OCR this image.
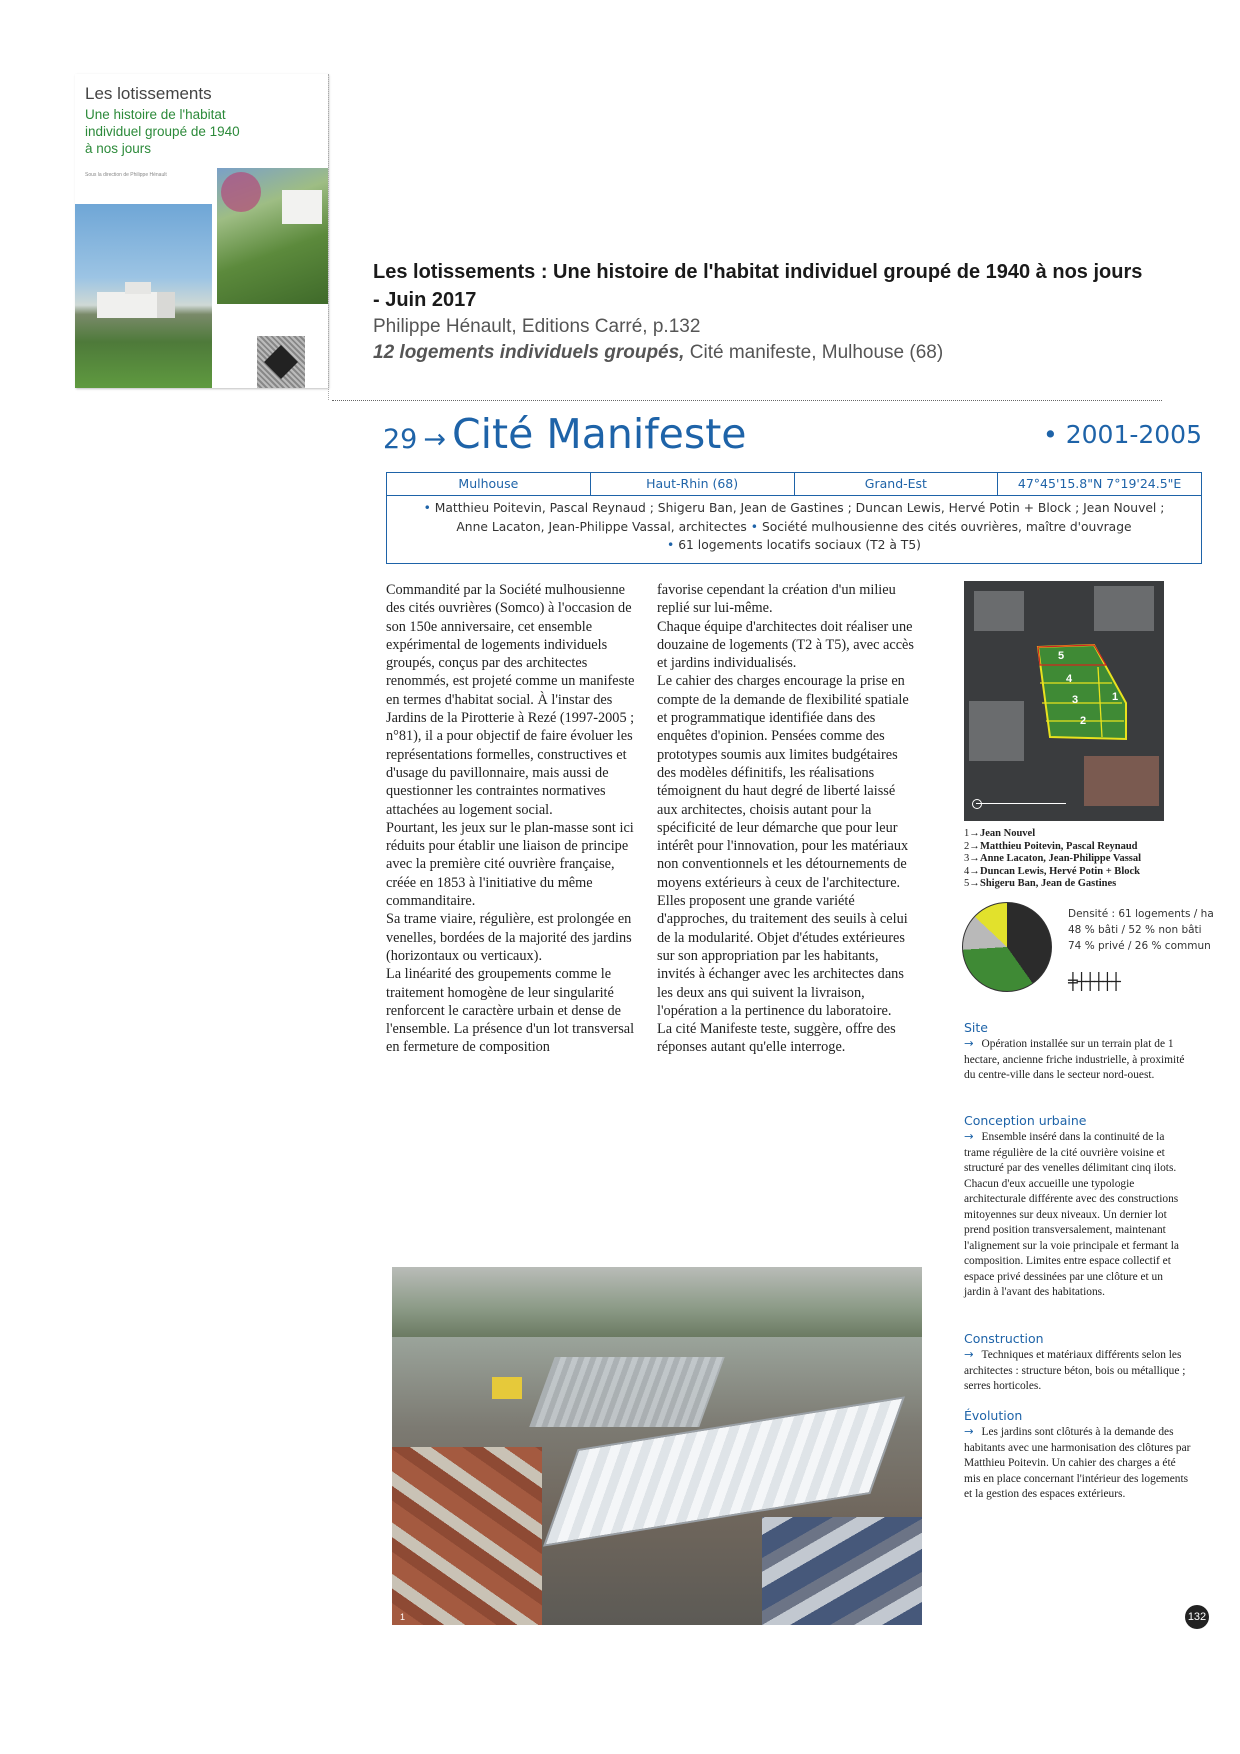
Les lotissements
Une histoire de l'habitat individuel groupé de 1940 à nos jours
Sous la direction de Philippe Hénault
Les lotissements : Une histoire de l'habitat individuel groupé de 1940 à nos jours - Juin 2017
Philippe Hénault, Editions Carré, p.132
12 logements individuels groupés, Cité manifeste, Mulhouse (68)
29 → Cité Manifeste	• 2001-2005
Mulhouse	Haut-Rhin (68)	Grand-Est	47°45'15.8"N 7°19'24.5"E
• Matthieu Poitevin, Pascal Reynaud ; Shigeru Ban, Jean de Gastines ; Duncan Lewis, Hervé Potin + Block ; Jean Nouvel ;
Anne Lacaton, Jean-Philippe Vassal, architectes • Société mulhousienne des cités ouvrières, maître d'ouvrage
• 61 logements locatifs sociaux (T2 à T5)

Commandité par la Société mulhousienne des cités ouvrières (Somco) à l'occasion de son 150e anniversaire, cet ensemble expérimental de logements individuels groupés, conçus par des architectes renommés, est projeté comme un manifeste en termes d'habitat social. À l'instar des Jardins de la Pirotterie à Rezé (1997-2005 ; n°81), il a pour objectif de faire évoluer les représentations formelles, constructives et d'usage du pavillonnaire, mais aussi de questionner les contraintes normatives attachées au logement social.

Pourtant, les jeux sur le plan-masse sont ici réduits pour établir une liaison de principe avec la première cité ouvrière française, créée en 1853 à l'initiative du même commanditaire.

Sa trame viaire, régulière, est prolongée en venelles, bordées de la majorité des jardins (horizontaux ou verticaux).

La linéarité des groupements comme le traitement homogène de leur singularité renforcent le caractère urbain et dense de l'ensemble. La présence d'un lot transversal en fermeture de composition

favorise cependant la création d'un milieu replié sur lui-même.

Chaque équipe d'architectes doit réaliser une douzaine de logements (T2 à T5), avec accès et jardins individualisés.

Le cahier des charges encourage la prise en compte de la demande de flexibilité spatiale et programmatique identifiée dans des enquêtes d'opinion. Pensées comme des prototypes soumis aux limites budgétaires des modèles définitifs, les réalisations témoignent du haut degré de liberté laissé aux architectes, choisis autant pour la spécificité de leur démarche que pour leur intérêt pour l'innovation, pour les matériaux non conventionnels et les détournements de moyens extérieurs à ceux de l'architecture. Elles proposent une grande variété d'approches, du traitement des seuils à celui de la modularité. Objet d'études extérieures sur son appropriation par les habitants, invités à échanger avec les architectes dans les deux ans qui suivent la livraison, l'opération a la pertinence du laboratoire.

La cité Manifeste teste, suggère, offre des réponses autant qu'elle interroge.

5
4
3
2
1
1→Jean Nouvel
2→Matthieu Poitevin, Pascal Reynaud
3→Anne Lacaton, Jean-Philippe Vassal
4→Duncan Lewis, Hervé Potin + Block
5→Shigeru Ban, Jean de Gastines
Densité : 61 logements / ha
48 % bâti / 52 % non bâti
74 % privé / 26 % commun
╪┼┼┼┼┼
Site
→ Opération installée sur un terrain plat de 1 hectare, ancienne friche industrielle, à proximité du centre-ville dans le secteur nord-ouest.
Conception urbaine
→ Ensemble inséré dans la continuité de la trame régulière de la cité ouvrière voisine et structuré par des venelles délimitant cinq ilots. Chacun d'eux accueille une typologie architecturale différente avec des constructions mitoyennes sur deux niveaux. Un dernier lot prend position transversalement, maintenant l'alignement sur la voie principale et fermant la composition. Limites entre espace collectif et espace privé dessinées par une clôture et un jardin à l'avant des habitations.
Construction
→ Techniques et matériaux différents selon les architectes : structure béton, bois ou métallique ; serres horticoles.
Évolution
→ Les jardins sont clôturés à la demande des habitants avec une harmonisation des clôtures par Matthieu Poitevin. Un cahier des charges a été mis en place concernant l'intérieur des logements et la gestion des espaces extérieurs.
1	132
